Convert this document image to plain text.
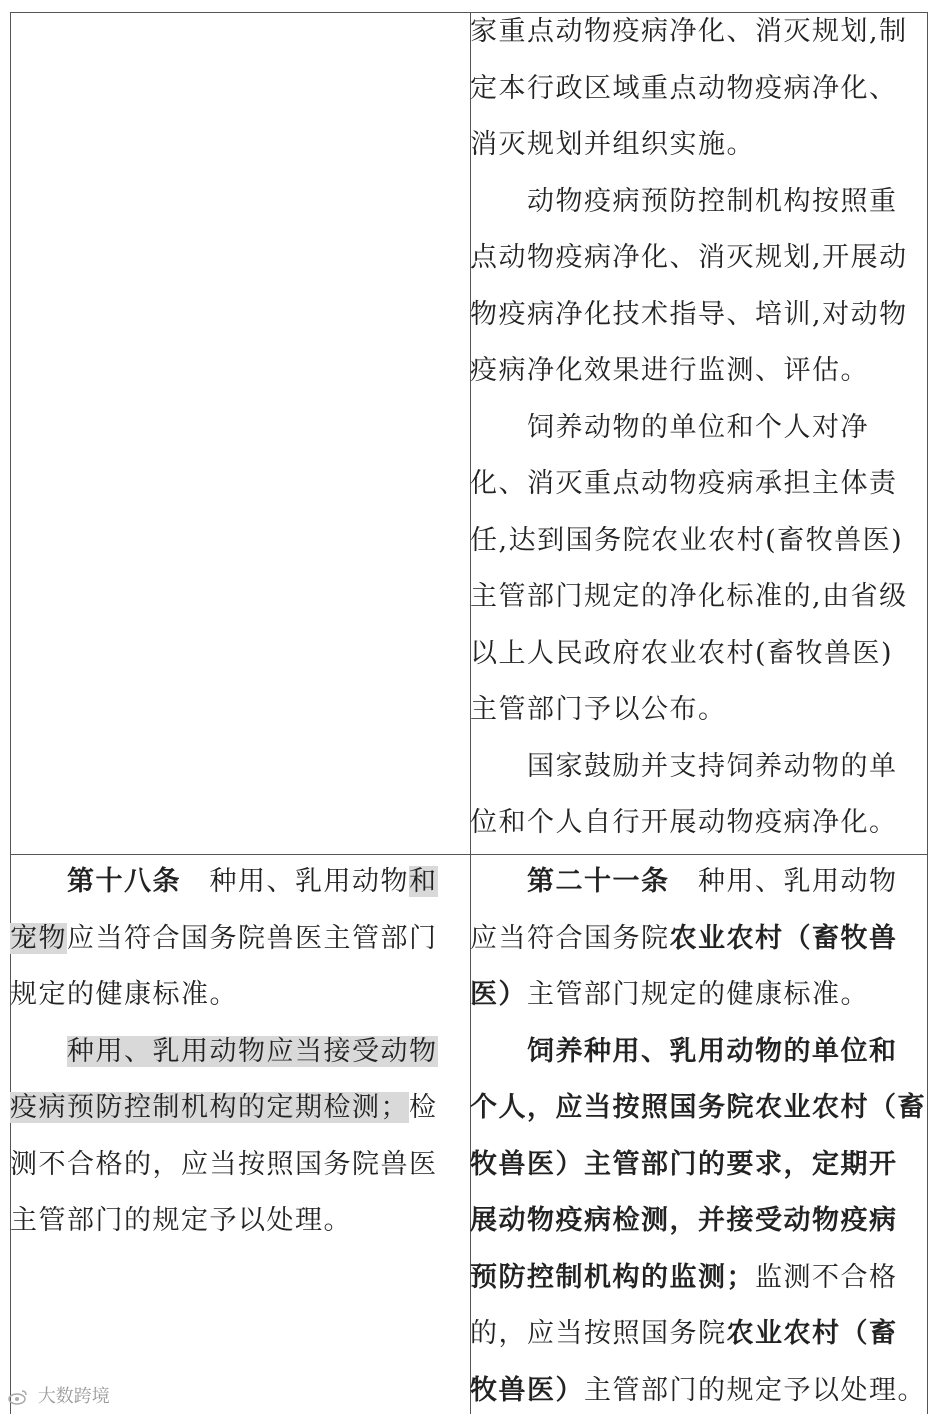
家重点动物疫病净化、消灭规划,制
定本行政区域重点动物疫病净化、
消灭规划并组织实施。
　　动物疫病预防控制机构按照重
点动物疫病净化、消灭规划,开展动
物疫病净化技术指导、培训,对动物
疫病净化效果进行监测、评估。
　　饲养动物的单位和个人对净
化、消灭重点动物疫病承担主体责
任,达到国务院农业农村(畜牧兽医)
主管部门规定的净化标准的,由省级
以上人民政府农业农村(畜牧兽医)
主管部门予以公布。
　　国家鼓励并支持饲养动物的单
位和个人自行开展动物疫病净化。
　　第十八条　种用、乳用动物和
宠物应当符合国务院兽医主管部门
规定的健康标准。
　　种用、乳用动物应当接受动物
疫病预防控制机构的定期检测；检
测不合格的，应当按照国务院兽医
主管部门的规定予以处理。
　　第二十一条　种用、乳用动物
应当符合国务院农业农村（畜牧兽
医）主管部门规定的健康标准。
　　饲养种用、乳用动物的单位和
个人，应当按照国务院农业农村（畜
牧兽医）主管部门的要求，定期开
展动物疫病检测，并接受动物疫病
预防控制机构的监测；监测不合格
的，应当按照国务院农业农村（畜
牧兽医）主管部门的规定予以处理。
大数跨境
